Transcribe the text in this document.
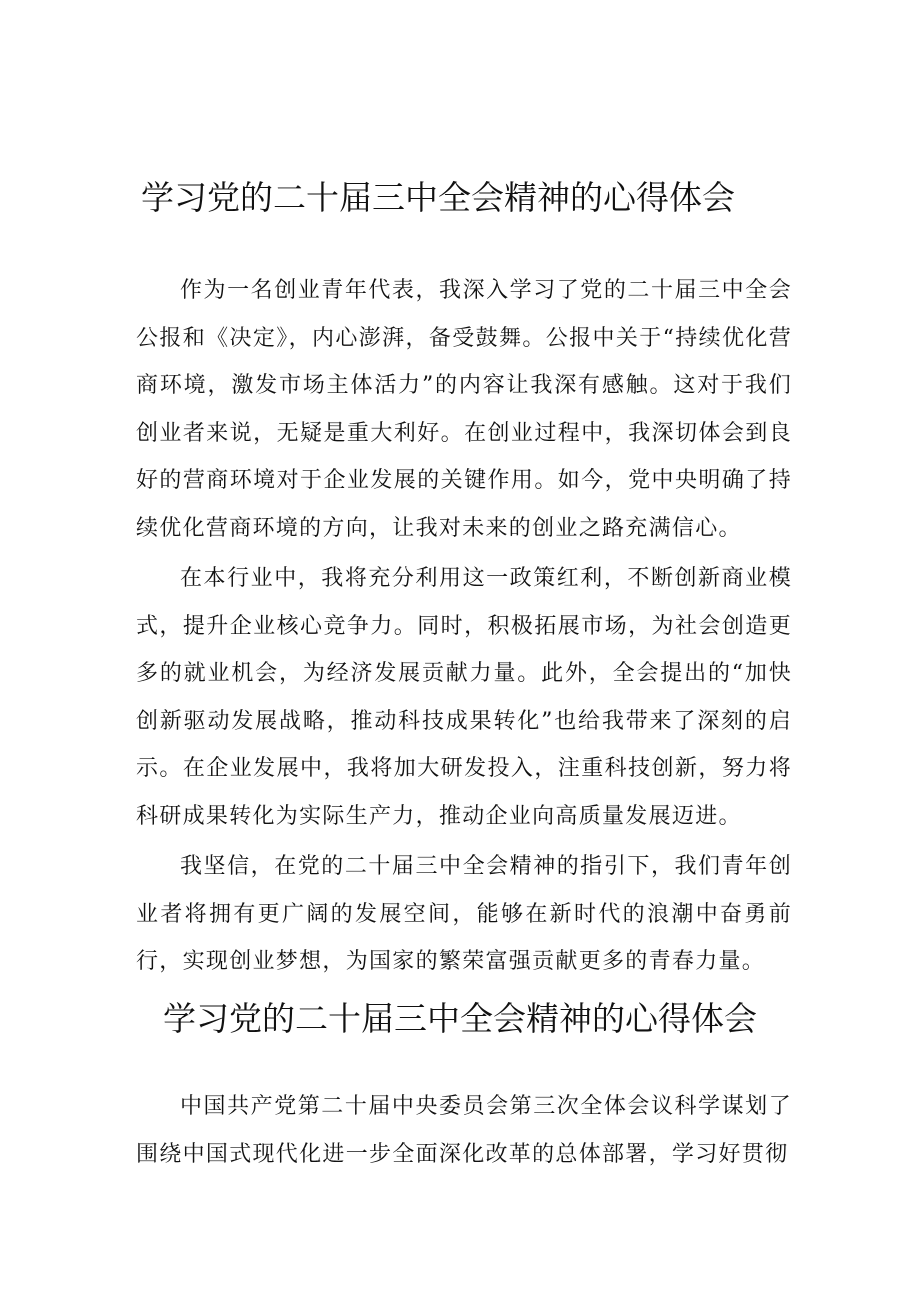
学习党的二十届三中全会精神的心得体会

作为一名创业青年代表，我深入学习了党的二十届三中全会公报和《决定》，内心澎湃，备受鼓舞。公报中关于“持续优化营商环境，激发市场主体活力”的内容让我深有感触。这对于我们创业者来说，无疑是重大利好。在创业过程中，我深切体会到良好的营商环境对于企业发展的关键作用。如今，党中央明确了持续优化营商环境的方向，让我对未来的创业之路充满信心。

在本行业中，我将充分利用这一政策红利，不断创新商业模式，提升企业核心竞争力。同时，积极拓展市场，为社会创造更多的就业机会，为经济发展贡献力量。此外，全会提出的“加快创新驱动发展战略，推动科技成果转化”也给我带来了深刻的启示。在企业发展中，我将加大研发投入，注重科技创新，努力将科研成果转化为实际生产力，推动企业向高质量发展迈进。

我坚信，在党的二十届三中全会精神的指引下，我们青年创业者将拥有更广阔的发展空间，能够在新时代的浪潮中奋勇前行，实现创业梦想，为国家的繁荣富强贡献更多的青春力量。

学习党的二十届三中全会精神的心得体会

中国共产党第二十届中央委员会第三次全体会议科学谋划了围绕中国式现代化进一步全面深化改革的总体部署，学习好贯彻
